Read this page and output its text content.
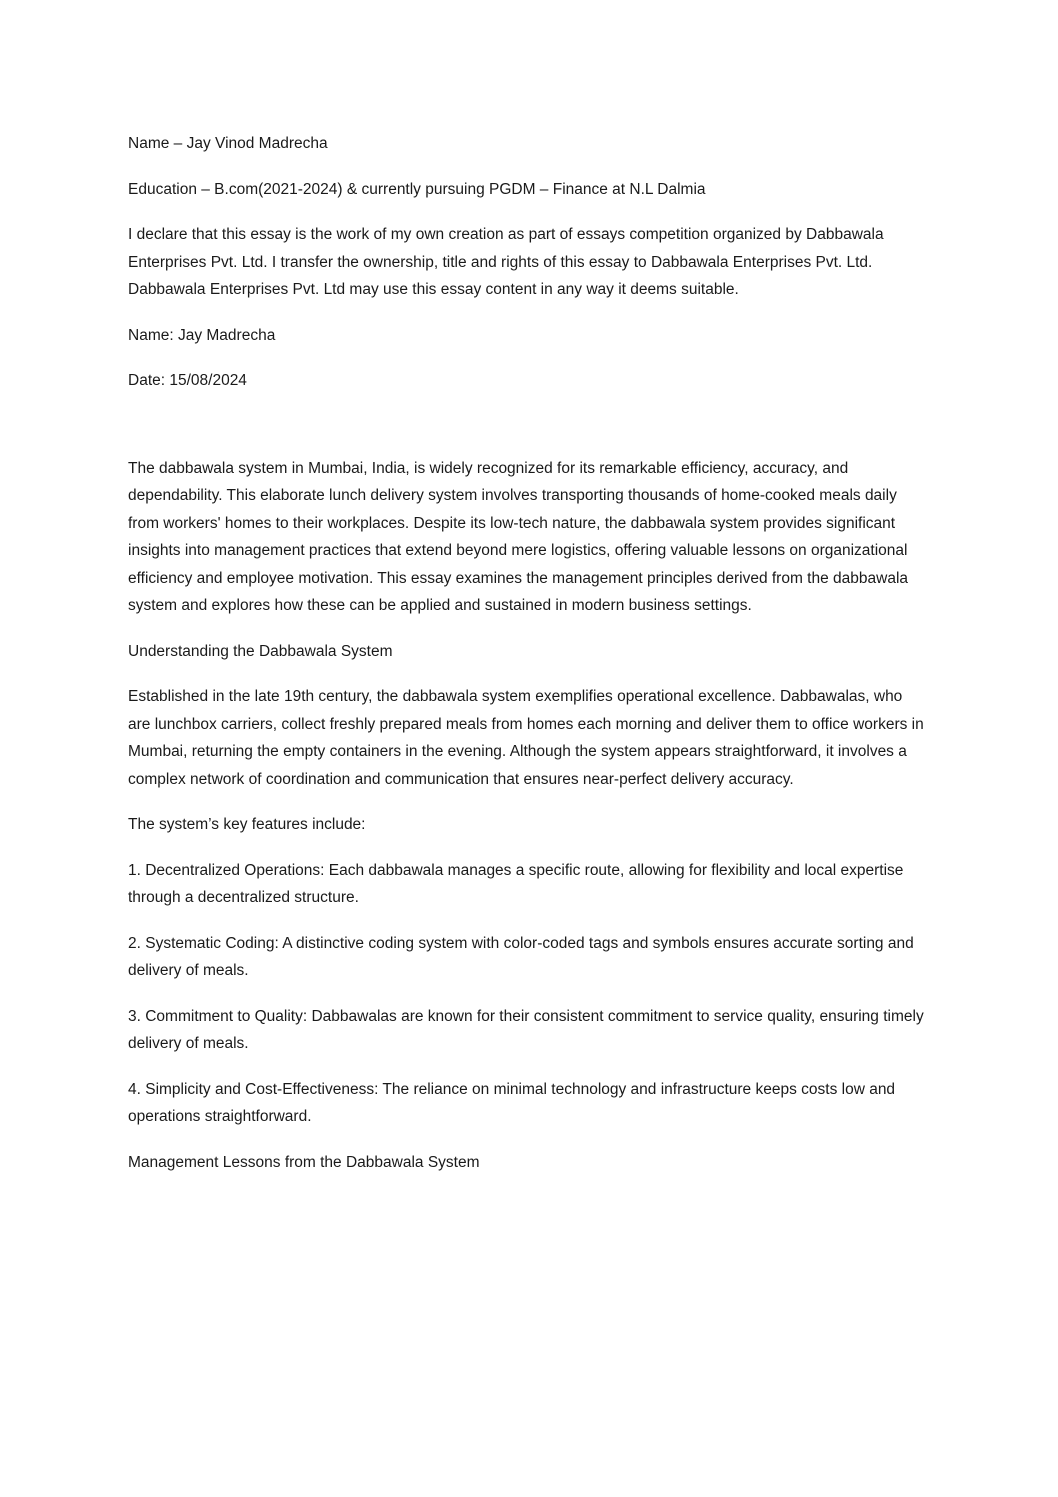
Name – Jay Vinod Madrecha

Education – B.com(2021-2024) & currently pursuing PGDM – Finance at N.L Dalmia

I declare that this essay is the work of my own creation as part of essays competition organized by Dabbawala Enterprises Pvt. Ltd. I transfer the ownership, title and rights of this essay to Dabbawala Enterprises Pvt. Ltd. Dabbawala Enterprises Pvt. Ltd may use this essay content in any way it deems suitable.

Name: Jay Madrecha

Date: 15/08/2024

The dabbawala system in Mumbai, India, is widely recognized for its remarkable efficiency, accuracy, and dependability. This elaborate lunch delivery system involves transporting thousands of home-cooked meals daily from workers' homes to their workplaces. Despite its low-tech nature, the dabbawala system provides significant insights into management practices that extend beyond mere logistics, offering valuable lessons on organizational efficiency and employee motivation. This essay examines the management principles derived from the dabbawala system and explores how these can be applied and sustained in modern business settings.

Understanding the Dabbawala System

Established in the late 19th century, the dabbawala system exemplifies operational excellence. Dabbawalas, who are lunchbox carriers, collect freshly prepared meals from homes each morning and deliver them to office workers in Mumbai, returning the empty containers in the evening. Although the system appears straightforward, it involves a complex network of coordination and communication that ensures near-perfect delivery accuracy.

The system’s key features include:

1. Decentralized Operations: Each dabbawala manages a specific route, allowing for flexibility and local expertise through a decentralized structure.

2. Systematic Coding: A distinctive coding system with color-coded tags and symbols ensures accurate sorting and delivery of meals.

3. Commitment to Quality: Dabbawalas are known for their consistent commitment to service quality, ensuring timely delivery of meals.

4. Simplicity and Cost-Effectiveness: The reliance on minimal technology and infrastructure keeps costs low and operations straightforward.

Management Lessons from the Dabbawala System
